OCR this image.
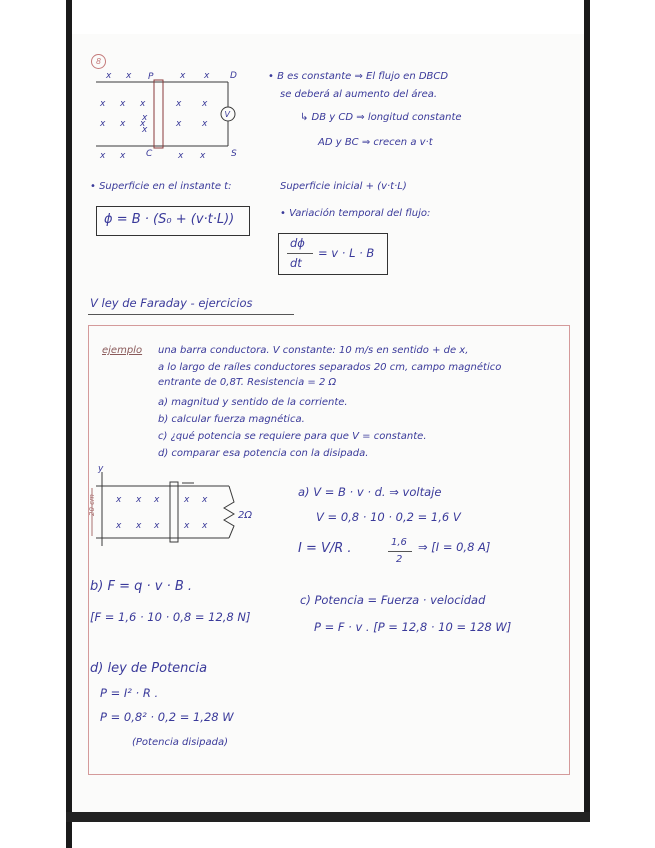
8
P	D
C	S
V
x x	x x
x x x	x x
x x x	x x
x
x x	x x
x
• B es constante ⇒ El flujo en DBCD
se deberá al aumento del área.
↳ DB y CD ⇒ longitud constante
AD y BC ⇒ crecen a v·t
• Superficie en el instante t:	Superficie inicial + (v·t·L)
ϕ = B · (S₀ + (v·t·L))	• Variación temporal del flujo:
dϕ
dt
= v · L · B
V ley de Faraday - ejercicios
ejemplo una barra conductora. V constante: 10 m/s en sentido + de x,
a lo largo de raíles conductores separados 20 cm, campo magnético
entrante de 0,8T. Resistencia = 2 Ω
a) magnitud y sentido de la corriente.
b) calcular fuerza magnética.
c) ¿qué potencia se requiere para que V = constante.
d) comparar esa potencia con la disipada.
y
20 cm	2Ω
x x x	x x
x x x	x x
a) V = B · v · d. ⇒ voltaje
V = 0,8 · 10 · 0,2 = 1,6 V
I = V/R .	1,6
2
⇒ [I = 0,8 A]
b) F = q · v · B .
[F = 1,6 · 10 · 0,8 = 12,8 N]
c) Potencia = Fuerza · velocidad
P = F · v . [P = 12,8 · 10 = 128 W]
d) ley de Potencia
P = I² · R .
P = 0,8² · 0,2 = 1,28 W
(Potencia disipada)
